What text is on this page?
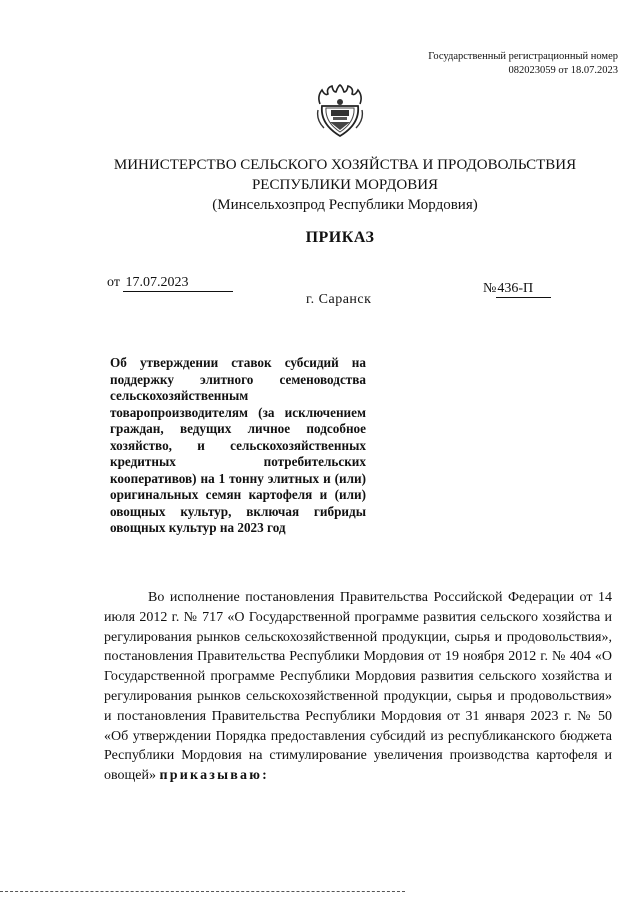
Государственный регистрационный номер
082023059 от 18.07.2023
МИНИСТЕРСТВО СЕЛЬСКОГО ХОЗЯЙСТВА И ПРОДОВОЛЬСТВИЯ
РЕСПУБЛИКИ МОРДОВИЯ
(Минсельхозпрод Республики Мордовия)
ПРИКАЗ
от 17.07.2023	№436-П
г. Саранск
Об утверждении ставок субсидий на поддержку элитного семеноводства сельскохозяйственным товаропроизводителям (за исключением граждан, ведущих личное подсобное хозяйство, и сельскохозяйственных кредитных потребительских кооперативов) на 1 тонну элитных и (или) оригинальных семян картофеля и (или) овощных культур, включая гибриды овощных культур на 2023 год
Во исполнение постановления Правительства Российской Федерации от 14 июля 2012 г. № 717 «О Государственной программе развития сельского хозяйства и регулирования рынков сельскохозяйственной продукции, сырья и продовольствия», постановления Правительства Республики Мордовия от 19 ноября 2012 г. № 404 «О Государственной программе Республики Мордовия развития сельского хозяйства и регулирования рынков сельскохозяйственной продукции, сырья и продовольствия» и постановления Правительства Республики Мордовия от 31 января 2023 г. № 50 «Об утверждении Порядка предоставления субсидий из республиканского бюджета Республики Мордовия на стимулирование увеличения производства картофеля и овощей» приказываю:
